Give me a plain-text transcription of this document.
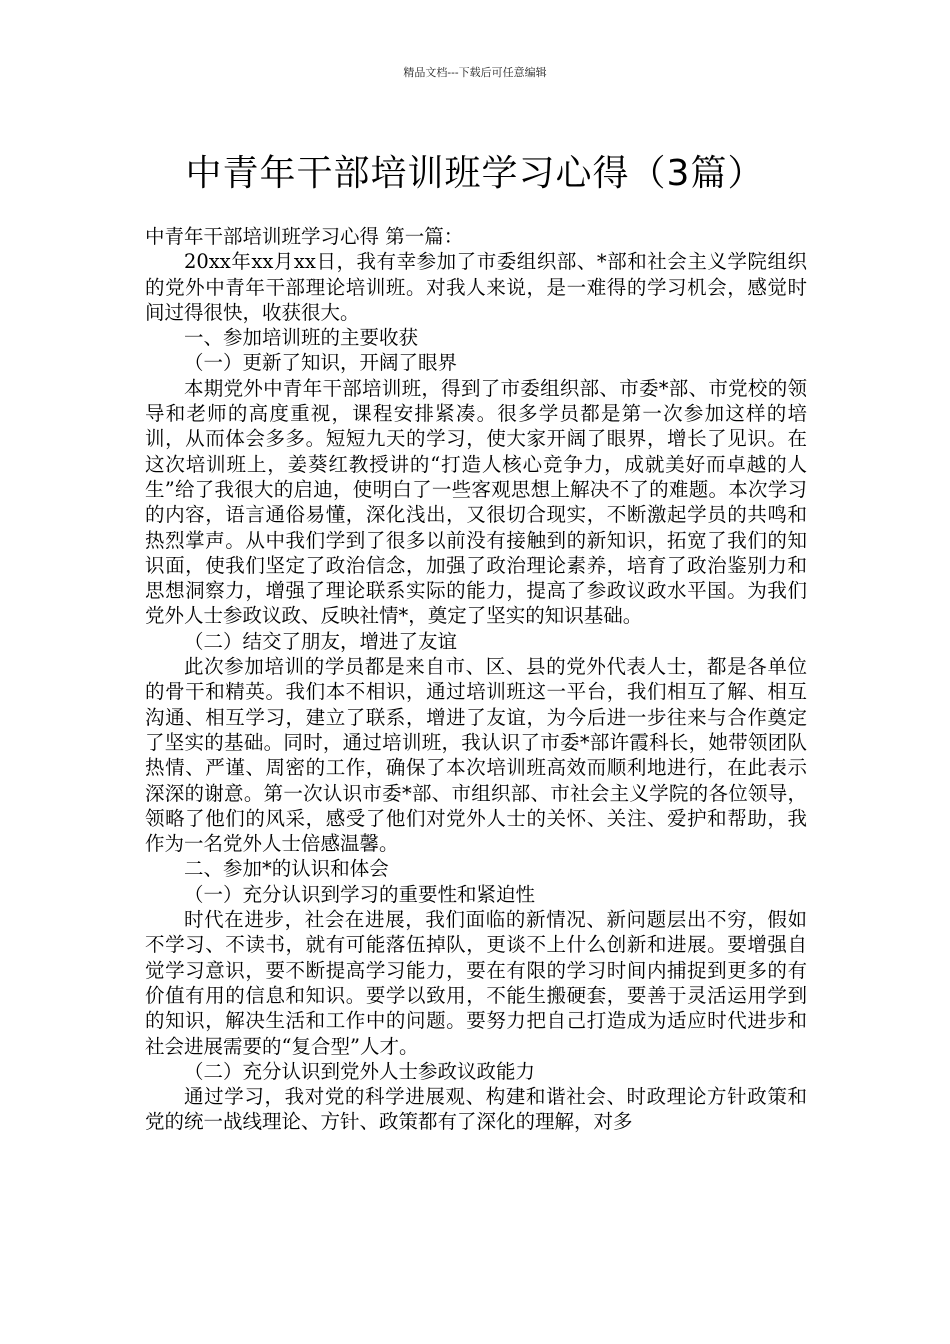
精品文档---下载后可任意编辑
中青年干部培训班学习心得（3篇）

中青年干部培训班学习心得 第一篇：

20xx年xx月xx日，我有幸参加了市委组织部、*部和社会主义学院组织的党外中青年干部理论培训班。对我人来说，是一难得的学习机会，感觉时间过得很快，收获很大。

一、参加培训班的主要收获

（一）更新了知识，开阔了眼界

本期党外中青年干部培训班，得到了市委组织部、市委*部、市党校的领导和老师的高度重视，课程安排紧凑。很多学员都是第一次参加这样的培训，从而体会多多。短短九天的学习，使大家开阔了眼界，增长了见识。在这次培训班上，姜葵红教授讲的“打造人核心竞争力，成就美好而卓越的人生”给了我很大的启迪，使明白了一些客观思想上解决不了的难题。本次学习的内容，语言通俗易懂，深化浅出，又很切合现实，不断激起学员的共鸣和热烈掌声。从中我们学到了很多以前没有接触到的新知识，拓宽了我们的知识面，使我们坚定了政治信念，加强了政治理论素养，培育了政治鉴别力和思想洞察力，增强了理论联系实际的能力，提高了参政议政水平国。为我们党外人士参政议政、反映社情*，奠定了坚实的知识基础。

（二）结交了朋友，增进了友谊

此次参加培训的学员都是来自市、区、县的党外代表人士，都是各单位的骨干和精英。我们本不相识，通过培训班这一平台，我们相互了解、相互沟通、相互学习，建立了联系，增进了友谊，为今后进一步往来与合作奠定了坚实的基础。同时，通过培训班，我认识了市委*部许霞科长，她带领团队热情、严谨、周密的工作，确保了本次培训班高效而顺利地进行，在此表示深深的谢意。第一次认识市委*部、市组织部、市社会主义学院的各位领导，领略了他们的风采，感受了他们对党外人士的关怀、关注、爱护和帮助，我作为一名党外人士倍感温馨。

二、参加*的认识和体会

（一）充分认识到学习的重要性和紧迫性

时代在进步，社会在进展，我们面临的新情况、新问题层出不穷，假如不学习、不读书，就有可能落伍掉队，更谈不上什么创新和进展。要增强自觉学习意识，要不断提高学习能力，要在有限的学习时间内捕捉到更多的有价值有用的信息和知识。要学以致用，不能生搬硬套，要善于灵活运用学到的知识，解决生活和工作中的问题。要努力把自己打造成为适应时代进步和社会进展需要的“复合型”人才。

（二）充分认识到党外人士参政议政能力

通过学习，我对党的科学进展观、构建和谐社会、时政理论方针政策和党的统一战线理论、方针、政策都有了深化的理解，对多
